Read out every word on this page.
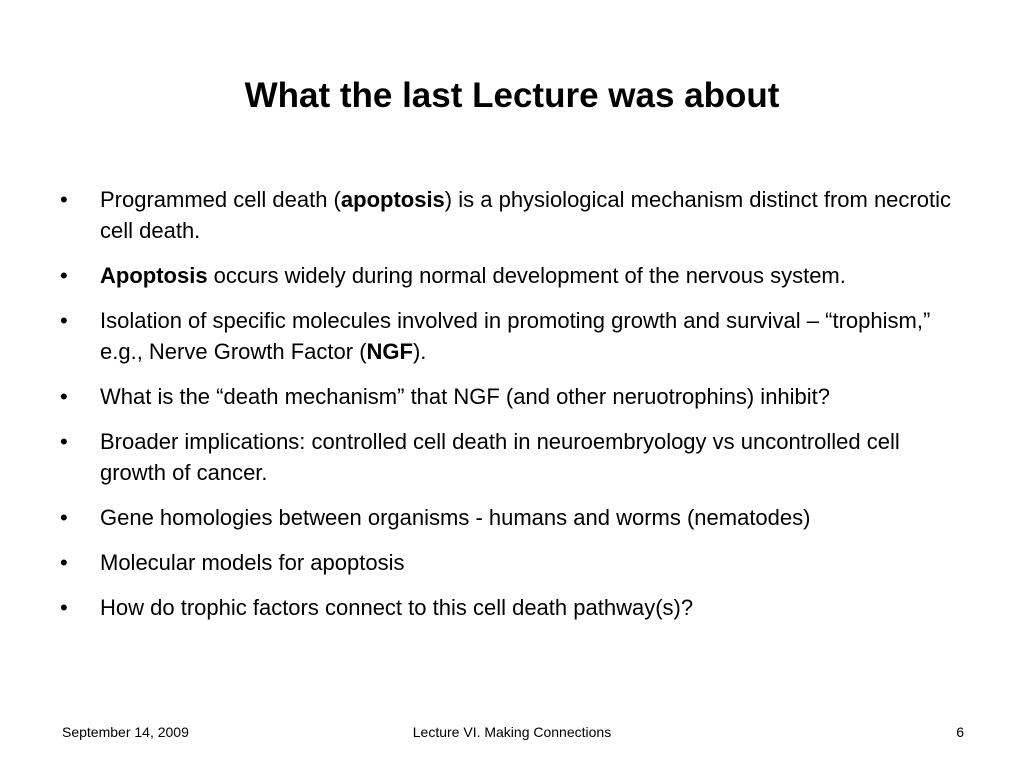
What the last Lecture was about
•	Programmed cell death (apoptosis) is a physiological mechanism distinct from necrotic cell death.
•	Apoptosis occurs widely during normal development of the nervous system.
•	Isolation of specific molecules involved in promoting growth and survival – “trophism,” e.g., Nerve Growth Factor (NGF).
•	What is the “death mechanism” that NGF (and other neruotrophins) inhibit?
•	Broader implications: controlled cell death in neuroembryology vs uncontrolled cell growth of cancer.
•	Gene homologies between organisms - humans and worms (nematodes)
•	Molecular models for apoptosis
•	How do trophic factors connect to this cell death pathway(s)?
September 14, 2009	Lecture VI. Making Connections	6
